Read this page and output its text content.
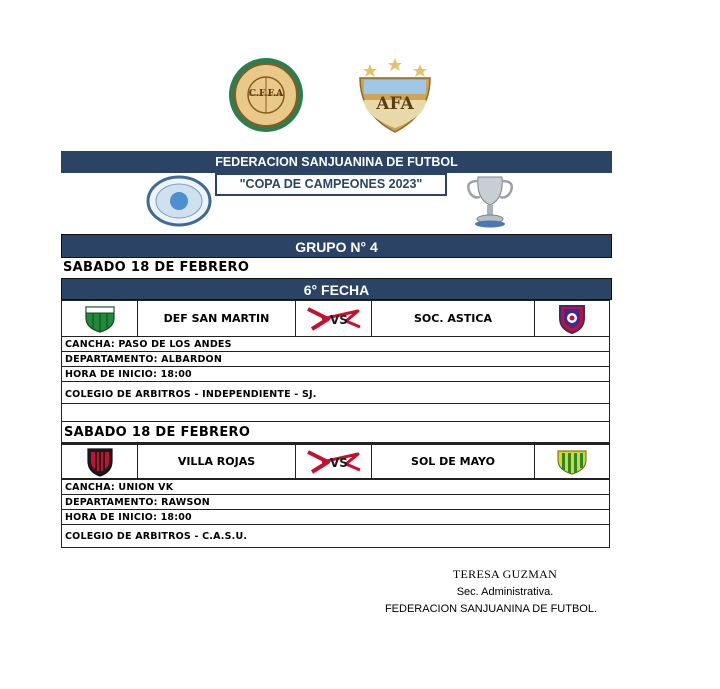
C.F.F.A	AFA
FEDERACION SANJUANINA DE FUTBOL
"COPA DE CAMPEONES 2023"
GRUPO N° 4
SABADO 18 DE FEBRERO
6° FECHA
DEF SAN MARTIN	VS	SOC. ASTICA
CANCHA: PASO DE LOS ANDES
DEPARTAMENTO: ALBARDON
HORA DE INICIO: 18:00
COLEGIO DE ARBITROS - INDEPENDIENTE - SJ.
SABADO 18 DE FEBRERO
VILLA ROJAS	VS	SOL DE MAYO
CANCHA: UNION VK
DEPARTAMENTO: RAWSON
HORA DE INICIO: 18:00
COLEGIO DE ARBITROS - C.A.S.U.
TERESA GUZMAN
Sec. Administrativa.
FEDERACION SANJUANINA DE FUTBOL.
